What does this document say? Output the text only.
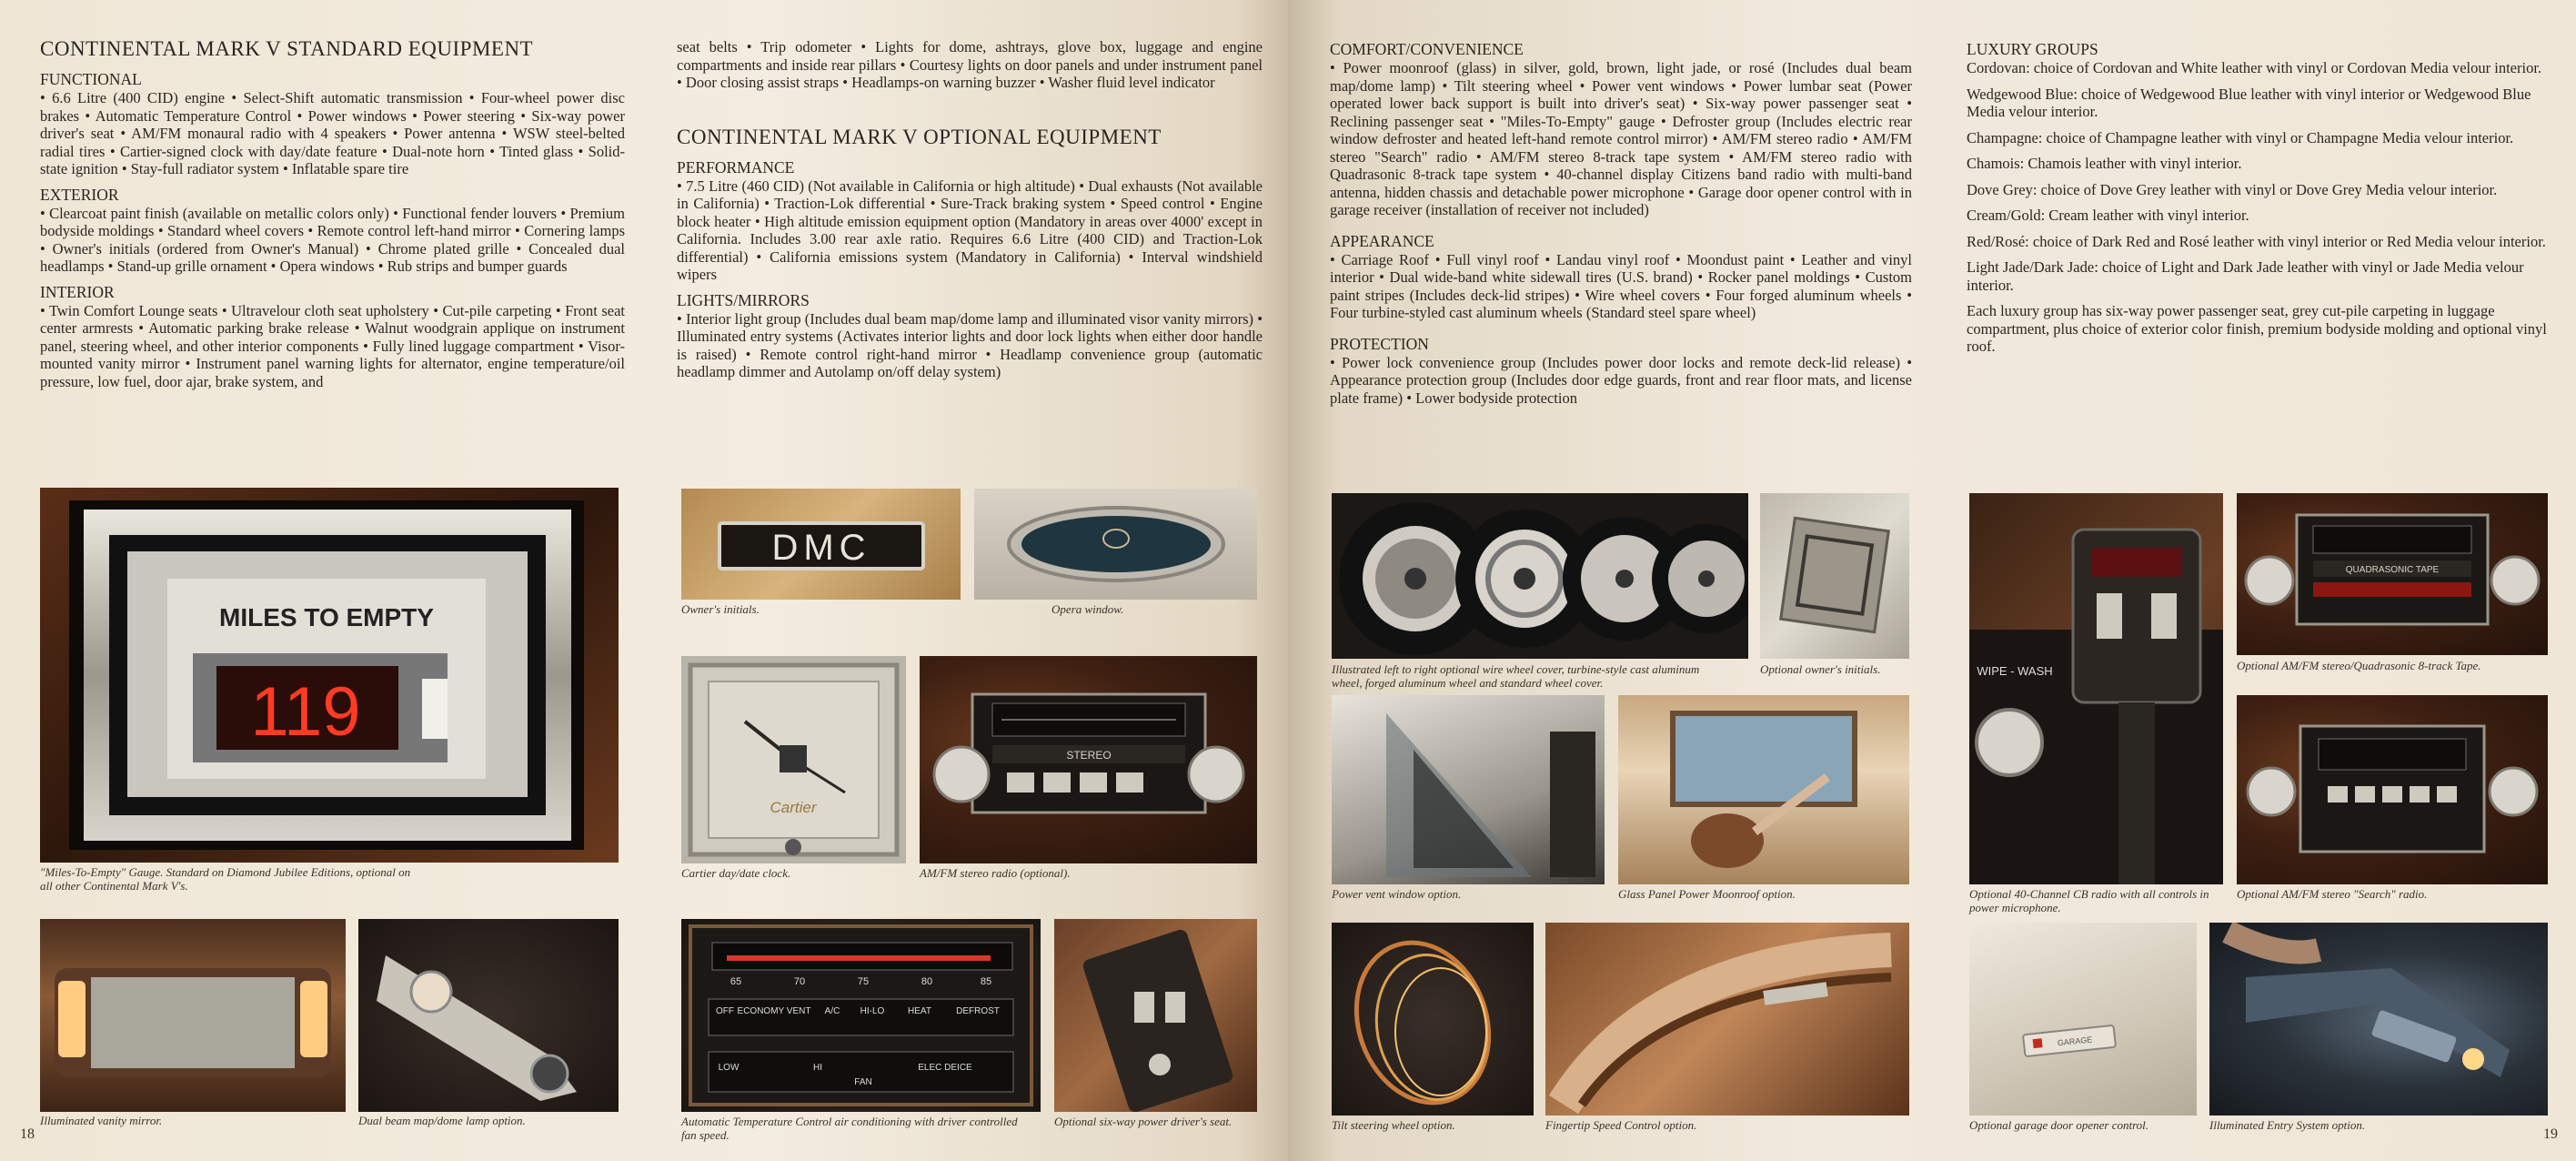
CONTINENTAL MARK V STANDARD EQUIPMENT
FUNCTIONAL

• 6.6 Litre (400 CID) engine • Select-Shift automatic transmission • Four-wheel power disc brakes • Automatic Temperature Control • Power windows • Power steering • Six-way power driver's seat • AM/FM monaural radio with 4 speakers • Power antenna • WSW steel-belted radial tires • Cartier-signed clock with day/date feature • Dual-note horn • Tinted glass • Solid-state ignition • Stay-full radiator system • Inflatable spare tire

EXTERIOR

• Clearcoat paint finish (available on metallic colors only) • Functional fender louvers • Premium bodyside moldings • Standard wheel covers • Remote control left-hand mirror • Cornering lamps • Owner's initials (ordered from Owner's Manual) • Chrome plated grille • Concealed dual headlamps • Stand-up grille ornament • Opera windows • Rub strips and bumper guards

INTERIOR

• Twin Comfort Lounge seats • Ultravelour cloth seat upholstery • Cut-pile carpeting • Front seat center armrests • Automatic parking brake release • Walnut woodgrain applique on instrument panel, steering wheel, and other interior components • Fully lined luggage compartment • Visor-mounted vanity mirror • Instrument panel warning lights for alternator, engine temperature/oil pressure, low fuel, door ajar, brake system, and

seat belts • Trip odometer • Lights for dome, ashtrays, glove box, luggage and engine compartments and inside rear pillars • Courtesy lights on door panels and under instrument panel • Door closing assist straps • Headlamps-on warning buzzer • Washer fluid level indicator

CONTINENTAL MARK V OPTIONAL EQUIPMENT
PERFORMANCE

• 7.5 Litre (460 CID) (Not available in California or high altitude) • Dual exhausts (Not available in California) • Traction-Lok differential • Sure-Track braking system • Speed control • Engine block heater • High altitude emission equipment option (Mandatory in areas over 4000' except in California. Includes 3.00 rear axle ratio. Requires 6.6 Litre (400 CID) and Traction-Lok differential) • California emissions system (Mandatory in California) • Interval windshield wipers

LIGHTS/MIRRORS

• Interior light group (Includes dual beam map/dome lamp and illuminated visor vanity mirrors) • Illuminated entry systems (Activates interior lights and door lock lights when either door handle is raised) • Remote control right-hand mirror • Headlamp convenience group (automatic headlamp dimmer and Autolamp on/off delay system)

MILES TO EMPTY
119
"Miles-To-Empty" Gauge. Standard on Diamond Jubilee Editions, optional on all other Continental Mark V's.
DMC
Owner's initials.	Opera window.
Cartier
Cartier day/date clock.
STEREO
AM/FM stereo radio (optional).
Illuminated vanity mirror.	Dual beam map/dome lamp option.
65	70	75	80	85
OFF ECONOMY VENT A/C HI-LO	HEAT	DEFROST
LOW	HI
FAN
ELEC DEICE
Automatic Temperature Control air conditioning with driver controlled fan speed.
Optional six-way power driver's seat.
18
COMFORT/CONVENIENCE

• Power moonroof (glass) in silver, gold, brown, light jade, or rosé (Includes dual beam map/dome lamp) • Tilt steering wheel • Power vent windows • Power lumbar seat (Power operated lower back support is built into driver's seat) • Six-way power passenger seat • Reclining passenger seat • "Miles-To-Empty" gauge • Defroster group (Includes electric rear window defroster and heated left-hand remote control mirror) • AM/FM stereo radio • AM/FM stereo "Search" radio • AM/FM stereo 8-track tape system • AM/FM stereo radio with Quadrasonic 8-track tape system • 40-channel display Citizens band radio with multi-band antenna, hidden chassis and detachable power microphone • Garage door opener control with in garage receiver (installation of receiver not included)

APPEARANCE

• Carriage Roof • Full vinyl roof • Landau vinyl roof • Moondust paint • Leather and vinyl interior • Dual wide-band white sidewall tires (U.S. brand) • Rocker panel moldings • Custom paint stripes (Includes deck-lid stripes) • Wire wheel covers • Four forged aluminum wheels • Four turbine-styled cast aluminum wheels (Standard steel spare wheel)

PROTECTION

• Power lock convenience group (Includes power door locks and remote deck-lid release) • Appearance protection group (Includes door edge guards, front and rear floor mats, and license plate frame) • Lower bodyside protection

LUXURY GROUPS

Cordovan: choice of Cordovan and White leather with vinyl or Cordovan Media velour interior.

Wedgewood Blue: choice of Wedgewood Blue leather with vinyl interior or Wedgewood Blue Media velour interior.

Champagne: choice of Champagne leather with vinyl or Champagne Media velour interior.

Chamois: Chamois leather with vinyl interior.

Dove Grey: choice of Dove Grey leather with vinyl or Dove Grey Media velour interior.

Cream/Gold: Cream leather with vinyl interior.

Red/Rosé: choice of Dark Red and Rosé leather with vinyl interior or Red Media velour interior.

Light Jade/Dark Jade: choice of Light and Dark Jade leather with vinyl or Jade Media velour interior.

Each luxury group has six-way power passenger seat, grey cut-pile carpeting in luggage compartment, plus choice of exterior color finish, premium bodyside molding and optional vinyl roof.

Illustrated left to right optional wire wheel cover, turbine-style cast aluminum wheel, forged aluminum wheel and standard wheel cover.
Optional owner's initials.	WIPE - WASH
Optional 40-Channel CB radio with all controls in power microphone.
QUADRASONIC TAPE
Optional AM/FM stereo/Quadrasonic 8-track Tape.
Power vent window option.	Glass Panel Power Moonroof option.	Optional AM/FM stereo "Search" radio.
Tilt steering wheel option.	Fingertip Speed Control option.
GARAGE
Optional garage door opener control.	Illuminated Entry System option.
19
